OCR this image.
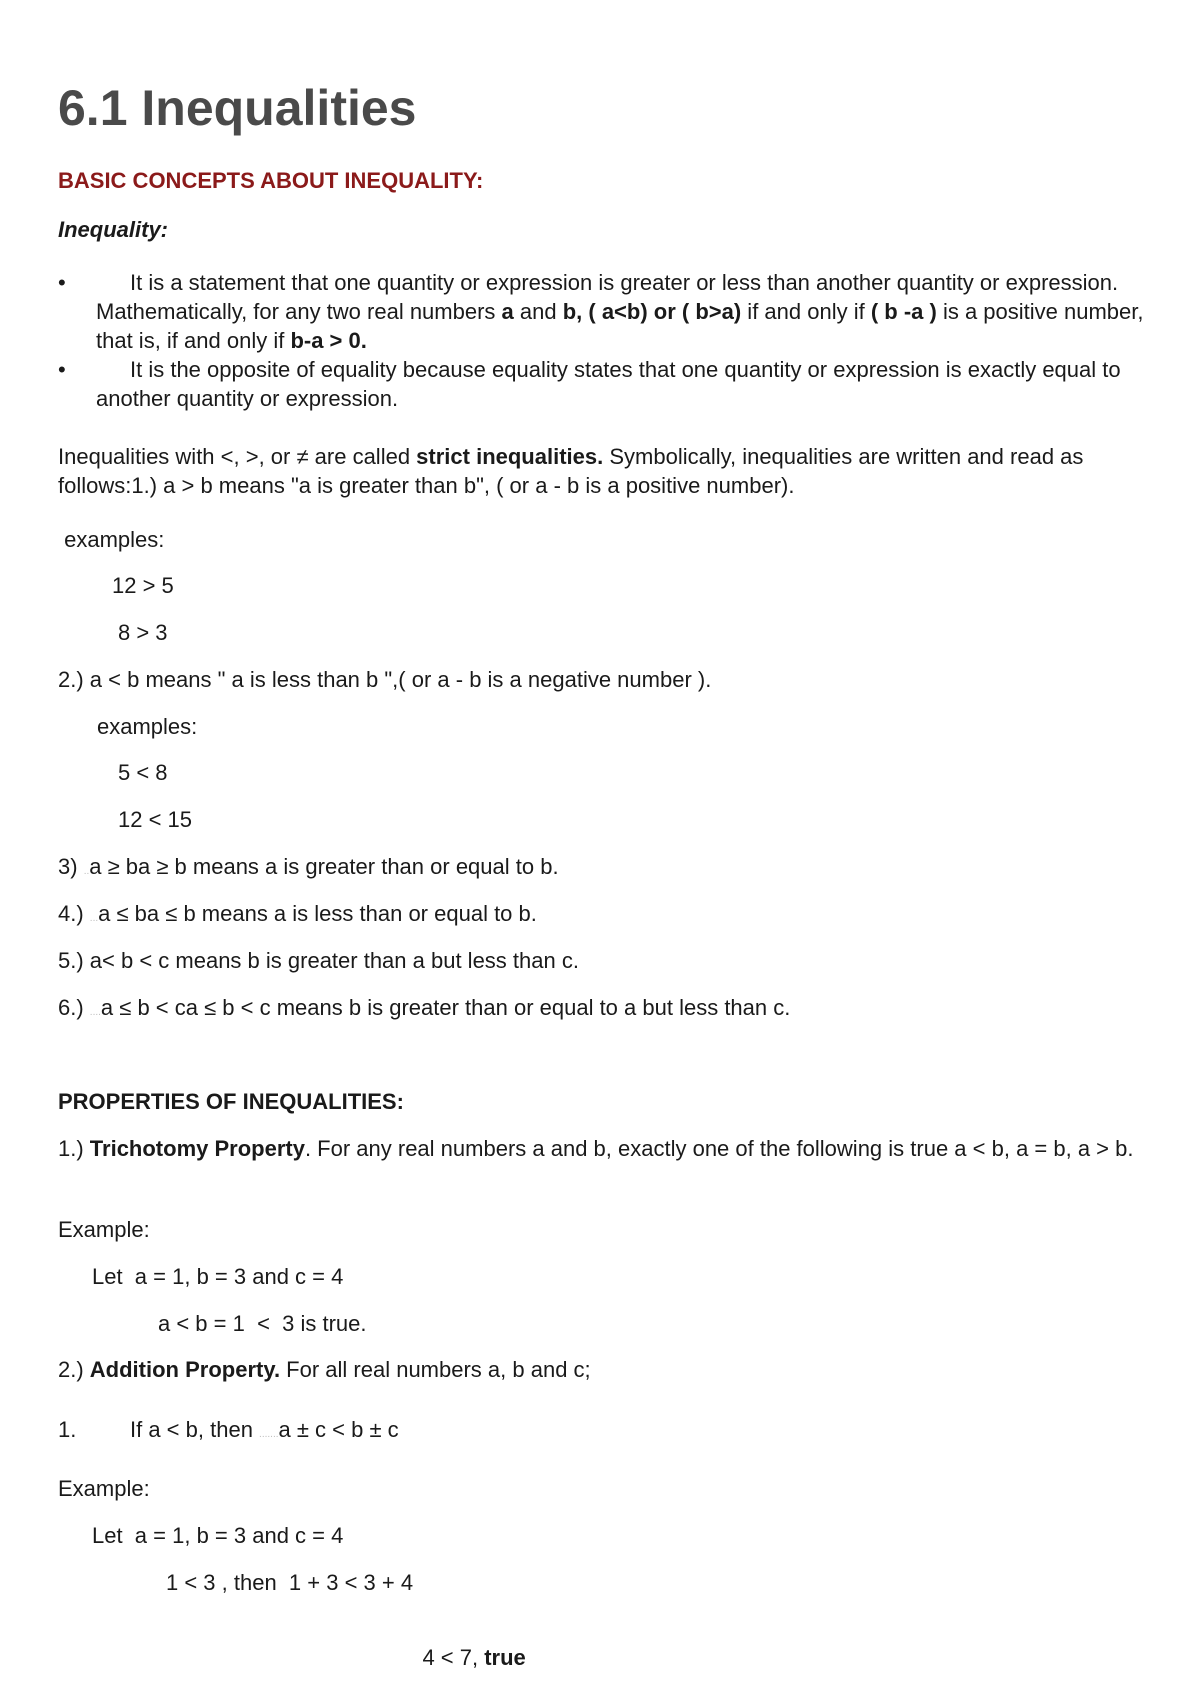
6.1 Inequalities
BASIC CONCEPTS ABOUT INEQUALITY:
Inequality:
•	It is a statement that one quantity or expression is greater or less than another quantity or expression. Mathematically, for any two real numbers a and b, ( a<b) or ( b>a) if and only if ( b -a ) is a positive number, that is, if and only if b-a > 0.
•	It is the opposite of equality because equality states that one quantity or expression is exactly equal to another quantity or expression.
Inequalities with <, >, or ≠ are called strict inequalities. Symbolically, inequalities are written and read as follows:1.) a > b means "a is greater than b", ( or a - b is a positive number).
examples:
12 > 5
8 > 3
2.) a < b means " a is less than b ",( or a - b is a negative number ).
examples:
5 < 8
12 < 15
3) ..a ≥ ba ≥ b means a is greater than or equal to b.
4.) ...a ≤ ba ≤ b means a is less than or equal to b.
5.) a< b < c means b is greater than a but less than c.
6.) ....a ≤ b < ca ≤ b < c means b is greater than or equal to a but less than c.
PROPERTIES OF INEQUALITIES:
1.) Trichotomy Property. For any real numbers a and b, exactly one of the following is true a < b, a = b, a > b.
Example:
Let  a = 1, b = 3 and c = 4
a < b = 1  <  3 is true.
2.) Addition Property. For all real numbers a, b and c;
1. If a < b, then .......a ± c < b ± c
Example:
Let  a = 1, b = 3 and c = 4
1 < 3 , then  1 + 3 < 3 + 4

4 < 7, true
